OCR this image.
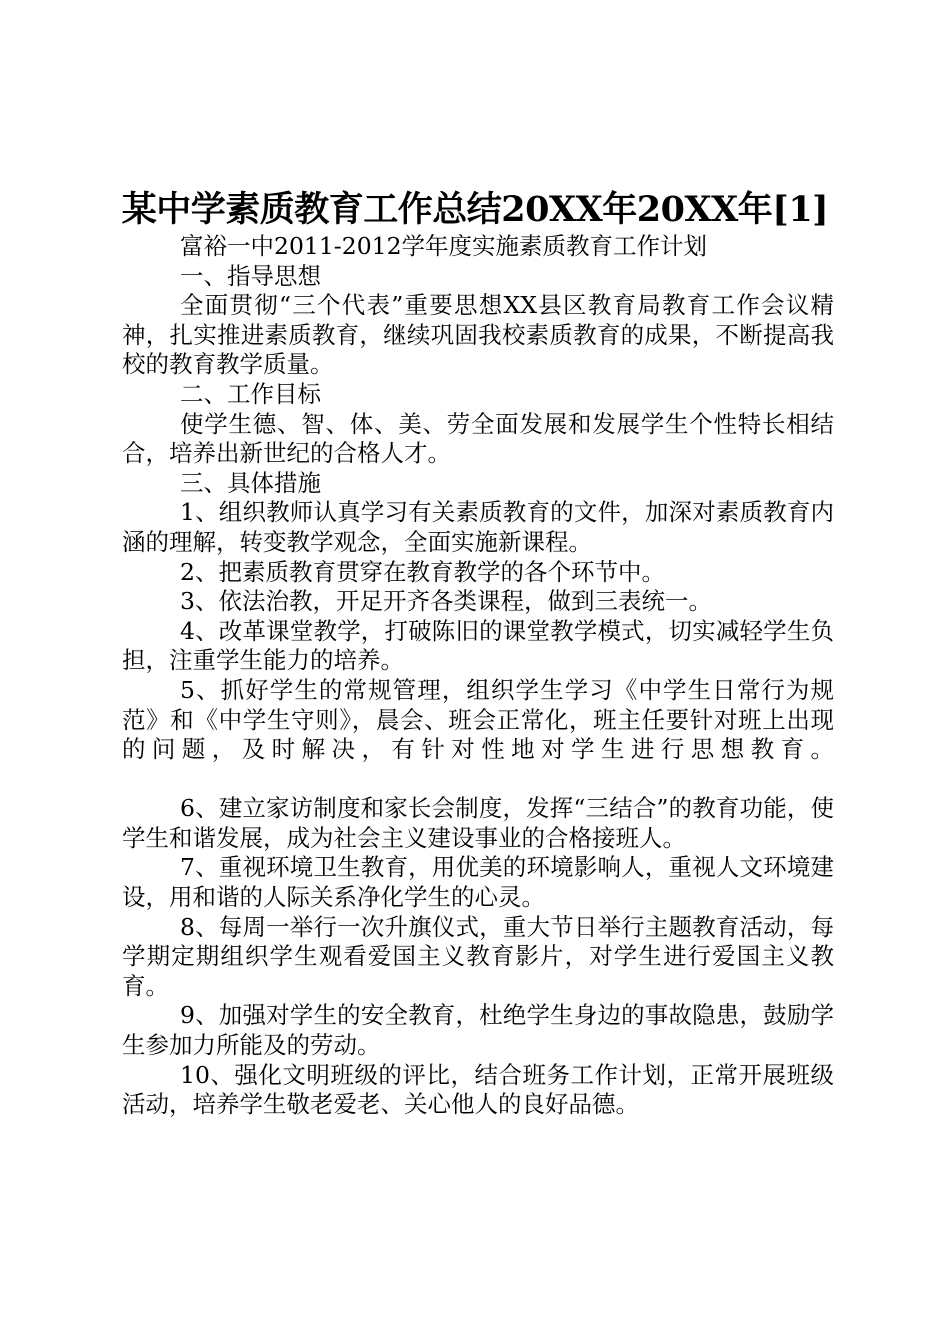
某中学素质教育工作总结20XX年20XX年[1]

富裕一中2011-2012学年度实施素质教育工作计划

一、指导思想

全面贯彻“三个代表”重要思想XX县区教育局教育工作会议精神，扎实推进素质教育，继续巩固我校素质教育的成果，不断提高我校的教育教学质量。

二、工作目标

使学生德、智、体、美、劳全面发展和发展学生个性特长相结合，培养出新世纪的合格人才。

三、具体措施

1、组织教师认真学习有关素质教育的文件，加深对素质教育内涵的理解，转变教学观念，全面实施新课程。

2、把素质教育贯穿在教育教学的各个环节中。

3、依法治教，开足开齐各类课程，做到三表统一。

4、改革课堂教学，打破陈旧的课堂教学模式，切实减轻学生负担，注重学生能力的培养。

5、抓好学生的常规管理，组织学生学习《中学生日常行为规范》和《中学生守则》，晨会、班会正常化，班主任要针对班上出现的问题，及时解决，有针对性地对学生进行思想教育。

6、建立家访制度和家长会制度，发挥“三结合”的教育功能，使学生和谐发展，成为社会主义建设事业的合格接班人。

7、重视环境卫生教育，用优美的环境影响人，重视人文环境建设，用和谐的人际关系净化学生的心灵。

8、每周一举行一次升旗仪式，重大节日举行主题教育活动，每学期定期组织学生观看爱国主义教育影片，对学生进行爱国主义教育。

9、加强对学生的安全教育，杜绝学生身边的事故隐患，鼓励学生参加力所能及的劳动。

10、强化文明班级的评比，结合班务工作计划，正常开展班级活动，培养学生敬老爱老、关心他人的良好品德。
